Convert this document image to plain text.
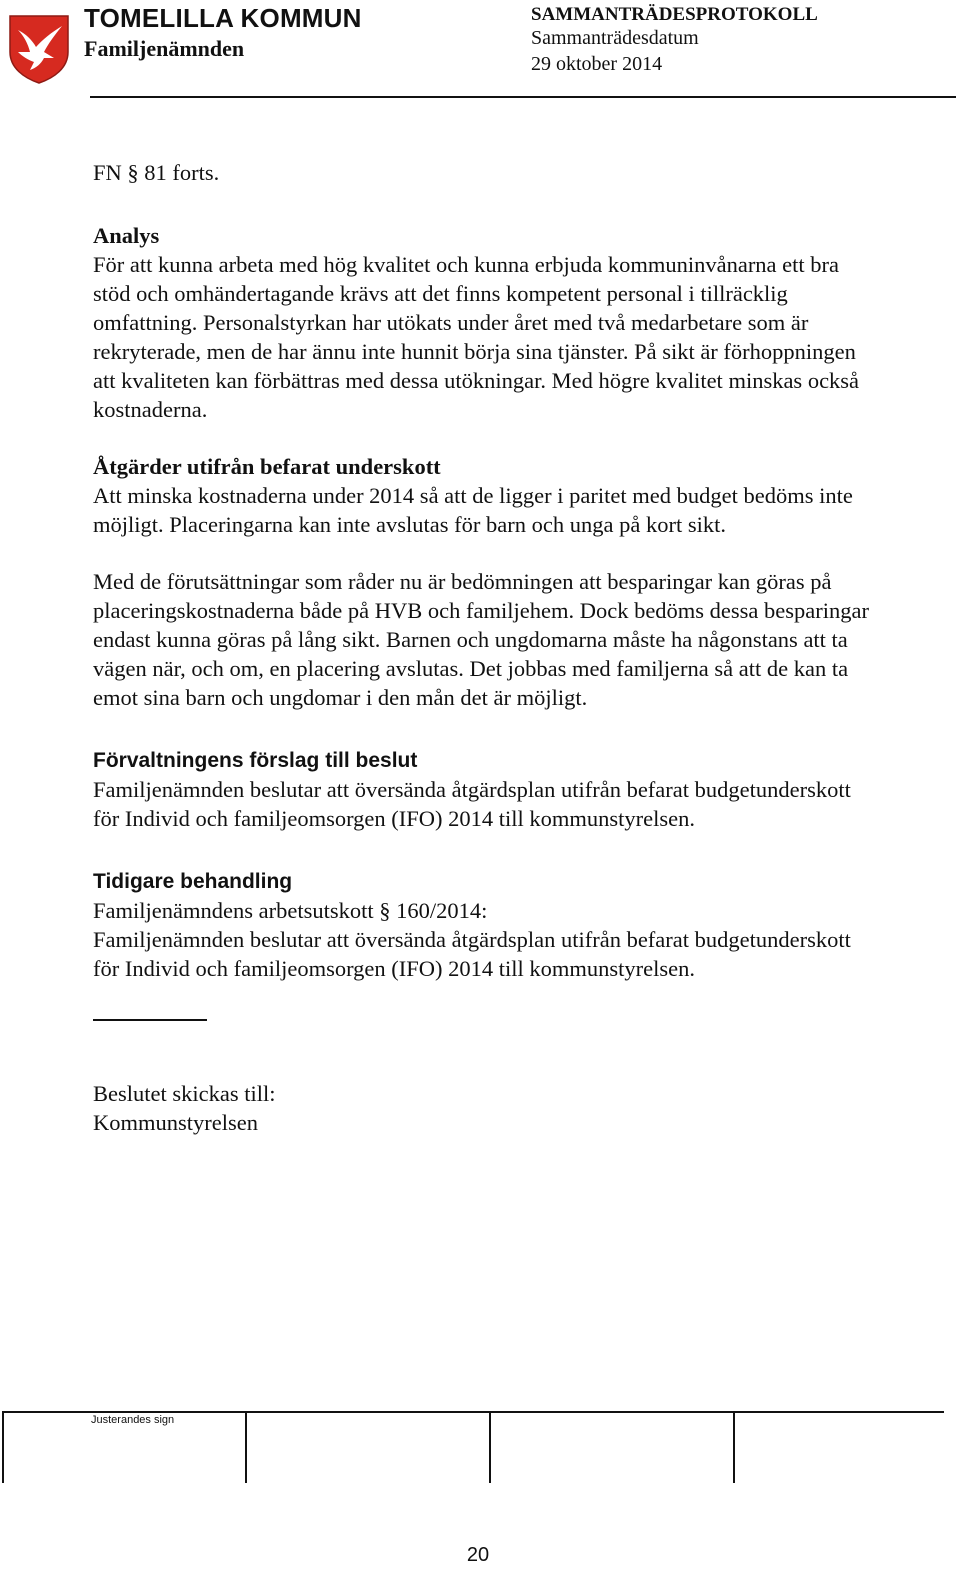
TOMELILLA KOMMUN
Familjenämnden
SAMMANTRÄDESPROTOKOLL
Sammanträdesdatum
29 oktober 2014

FN § 81 forts.

Analys

För att kunna arbeta med hög kvalitet och kunna erbjuda kommuninvånarna ett bra stöd och omhändertagande krävs att det finns kompetent personal i tillräcklig omfattning. Personalstyrkan har utökats under året med två medarbetare som är rekryterade, men de har ännu inte hunnit börja sina tjänster. På sikt är förhoppningen att kvaliteten kan förbättras med dessa utökningar. Med högre kvalitet minskas också kostnaderna.

Åtgärder utifrån befarat underskott

Att minska kostnaderna under 2014 så att de ligger i paritet med budget bedöms inte möjligt. Placeringarna kan inte avslutas för barn och unga på kort sikt.

Med de förutsättningar som råder nu är bedömningen att besparingar kan göras på placeringskostnaderna både på HVB och familjehem. Dock bedöms dessa besparingar endast kunna göras på lång sikt. Barnen och ungdomarna måste ha någonstans att ta vägen när, och om, en placering avslutas. Det jobbas med familjerna så att de kan ta emot sina barn och ungdomar i den mån det är möjligt.

Förvaltningens förslag till beslut

Familjenämnden beslutar att översända åtgärdsplan utifrån befarat budgetunderskott för Individ och familjeomsorgen (IFO) 2014 till kommunstyrelsen.

Tidigare behandling

Familjenämndens arbetsutskott § 160/2014:

Familjenämnden beslutar att översända åtgärdsplan utifrån befarat budgetunderskott för Individ och familjeomsorgen (IFO) 2014 till kommunstyrelsen.

Beslutet skickas till:

Kommunstyrelsen

Justerandes sign
20
